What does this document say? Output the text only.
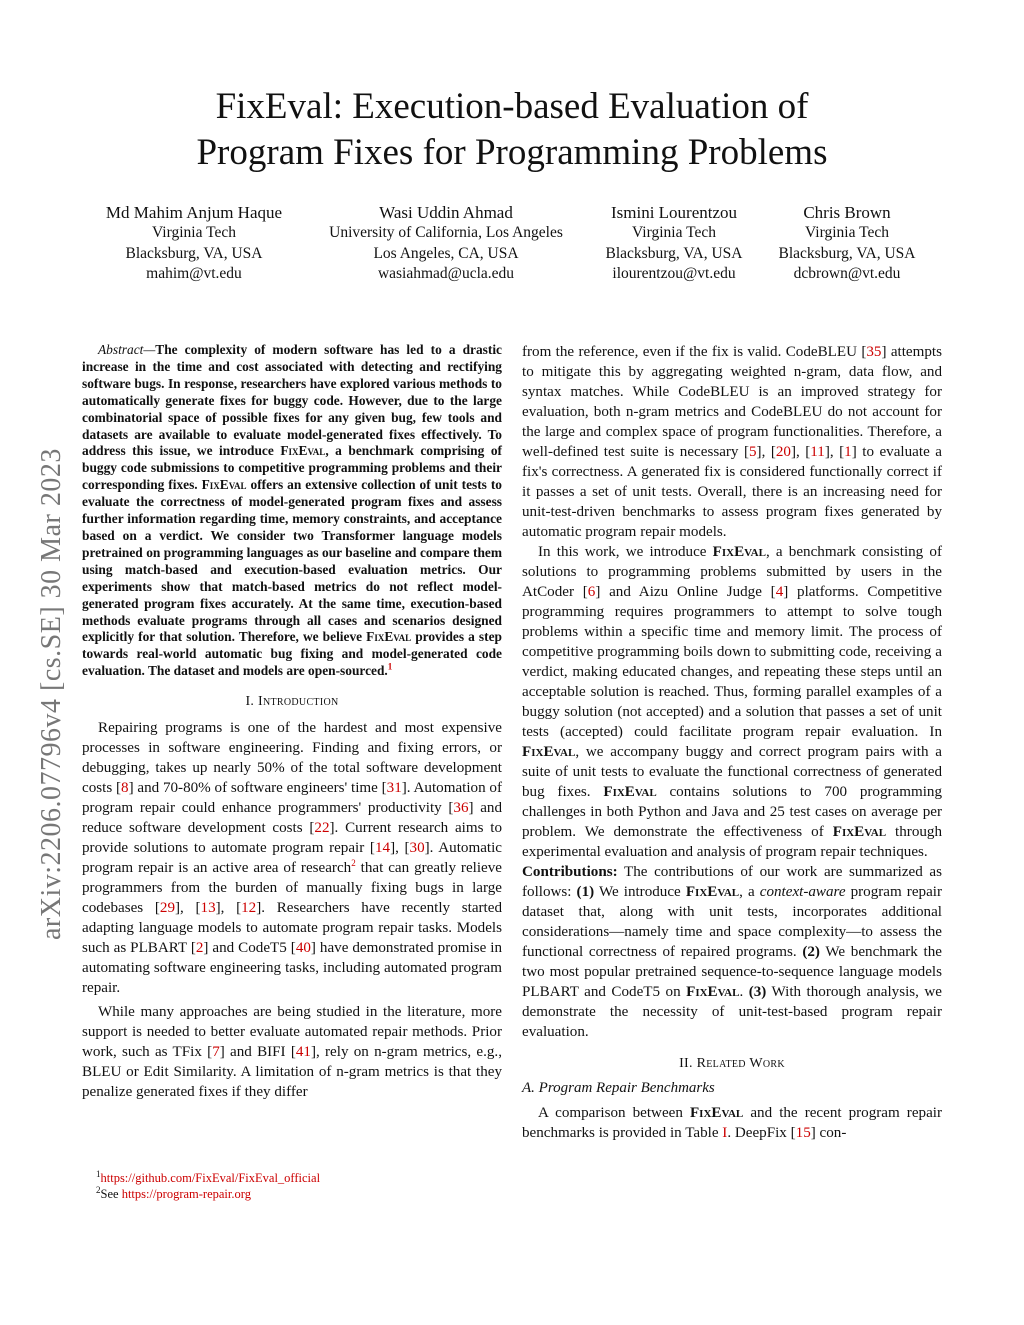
arXiv:2206.07796v4 [cs.SE] 30 Mar 2023
FixEval: Execution-based Evaluation of
Program Fixes for Programming Problems
Md Mahim Anjum Haque
Virginia Tech
Blacksburg, VA, USA
mahim@vt.edu
Wasi Uddin Ahmad
University of California, Los Angeles
Los Angeles, CA, USA
wasiahmad@ucla.edu
Ismini Lourentzou
Virginia Tech
Blacksburg, VA, USA
ilourentzou@vt.edu
Chris Brown
Virginia Tech
Blacksburg, VA, USA
dcbrown@vt.edu

Abstract—The complexity of modern software has led to a drastic increase in the time and cost associated with detecting and rectifying software bugs. In response, researchers have explored various methods to automatically generate fixes for buggy code. However, due to the large combinatorial space of possible fixes for any given bug, few tools and datasets are available to evaluate model-generated fixes effectively. To address this issue, we introduce FixEval, a benchmark comprising of buggy code submissions to competitive programming problems and their corresponding fixes. FixEval offers an extensive collection of unit tests to evaluate the correctness of model-generated program fixes and assess further information regarding time, memory constraints, and acceptance based on a verdict. We consider two Transformer language models pretrained on programming languages as our baseline and compare them using match-based and execution-based evaluation metrics. Our experiments show that match-based metrics do not reflect model-generated program fixes accurately. At the same time, execution-based methods evaluate programs through all cases and scenarios designed explicitly for that solution. Therefore, we believe FixEval provides a step towards real-world automatic bug fixing and model-generated code evaluation. The dataset and models are open-sourced.$^1$

I. Introduction

Repairing programs is one of the hardest and most expensive processes in software engineering. Finding and fixing errors, or debugging, takes up nearly 50% of the total software development costs [8] and 70-80% of software engineers' time [31]. Automation of program repair could enhance programmers' productivity [36] and reduce software development costs [22]. Current research aims to provide solutions to automate program repair [14], [30]. Automatic program repair is an active area of research$^2$ that can greatly relieve programmers from the burden of manually fixing bugs in large codebases [29], [13], [12]. Researchers have recently started adapting language models to automate program repair tasks. Models such as PLBART [2] and CodeT5 [40] have demonstrated promise in automating software engineering tasks, including automated program repair.

While many approaches are being studied in the literature, more support is needed to better evaluate automated repair methods. Prior work, such as TFix [7] and BIFI [41], rely on n-gram metrics, e.g., BLEU or Edit Similarity. A limitation of n-gram metrics is that they penalize generated fixes if they differ

from the reference, even if the fix is valid. CodeBLEU [35] attempts to mitigate this by aggregating weighted n-gram, data flow, and syntax matches. While CodeBLEU is an improved strategy for evaluation, both n-gram metrics and CodeBLEU do not account for the large and complex space of program functionalities. Therefore, a well-defined test suite is necessary [5], [20], [11], [1] to evaluate a fix's correctness. A generated fix is considered functionally correct if it passes a set of unit tests. Overall, there is an increasing need for unit-test-driven benchmarks to assess program fixes generated by automatic program repair models.

In this work, we introduce FixEval, a benchmark consisting of solutions to programming problems submitted by users in the AtCoder [6] and Aizu Online Judge [4] platforms. Competitive programming requires programmers to attempt to solve tough problems within a specific time and memory limit. The process of competitive programming boils down to submitting code, receiving a verdict, making educated changes, and repeating these steps until an acceptable solution is reached. Thus, forming parallel examples of a buggy solution (not accepted) and a solution that passes a set of unit tests (accepted) could facilitate program repair evaluation. In FixEval, we accompany buggy and correct program pairs with a suite of unit tests to evaluate the functional correctness of generated bug fixes. FixEval contains solutions to 700 programming challenges in both Python and Java and 25 test cases on average per problem. We demonstrate the effectiveness of FixEval through experimental evaluation and analysis of program repair techniques.

Contributions: The contributions of our work are summarized as follows: (1) We introduce FixEval, a context-aware program repair dataset that, along with unit tests, incorporates additional considerations—namely time and space complexity—to assess the functional correctness of repaired programs. (2) We benchmark the two most popular pretrained sequence-to-sequence language models PLBART and CodeT5 on FixEval. (3) With thorough analysis, we demonstrate the necessity of unit-test-based program repair evaluation.

II. Related Work
A. Program Repair Benchmarks

A comparison between FixEval and the recent program repair benchmarks is provided in Table I. DeepFix [15] con-

$^1$https://github.com/FixEval/FixEval_official
$^2$See https://program-repair.org
